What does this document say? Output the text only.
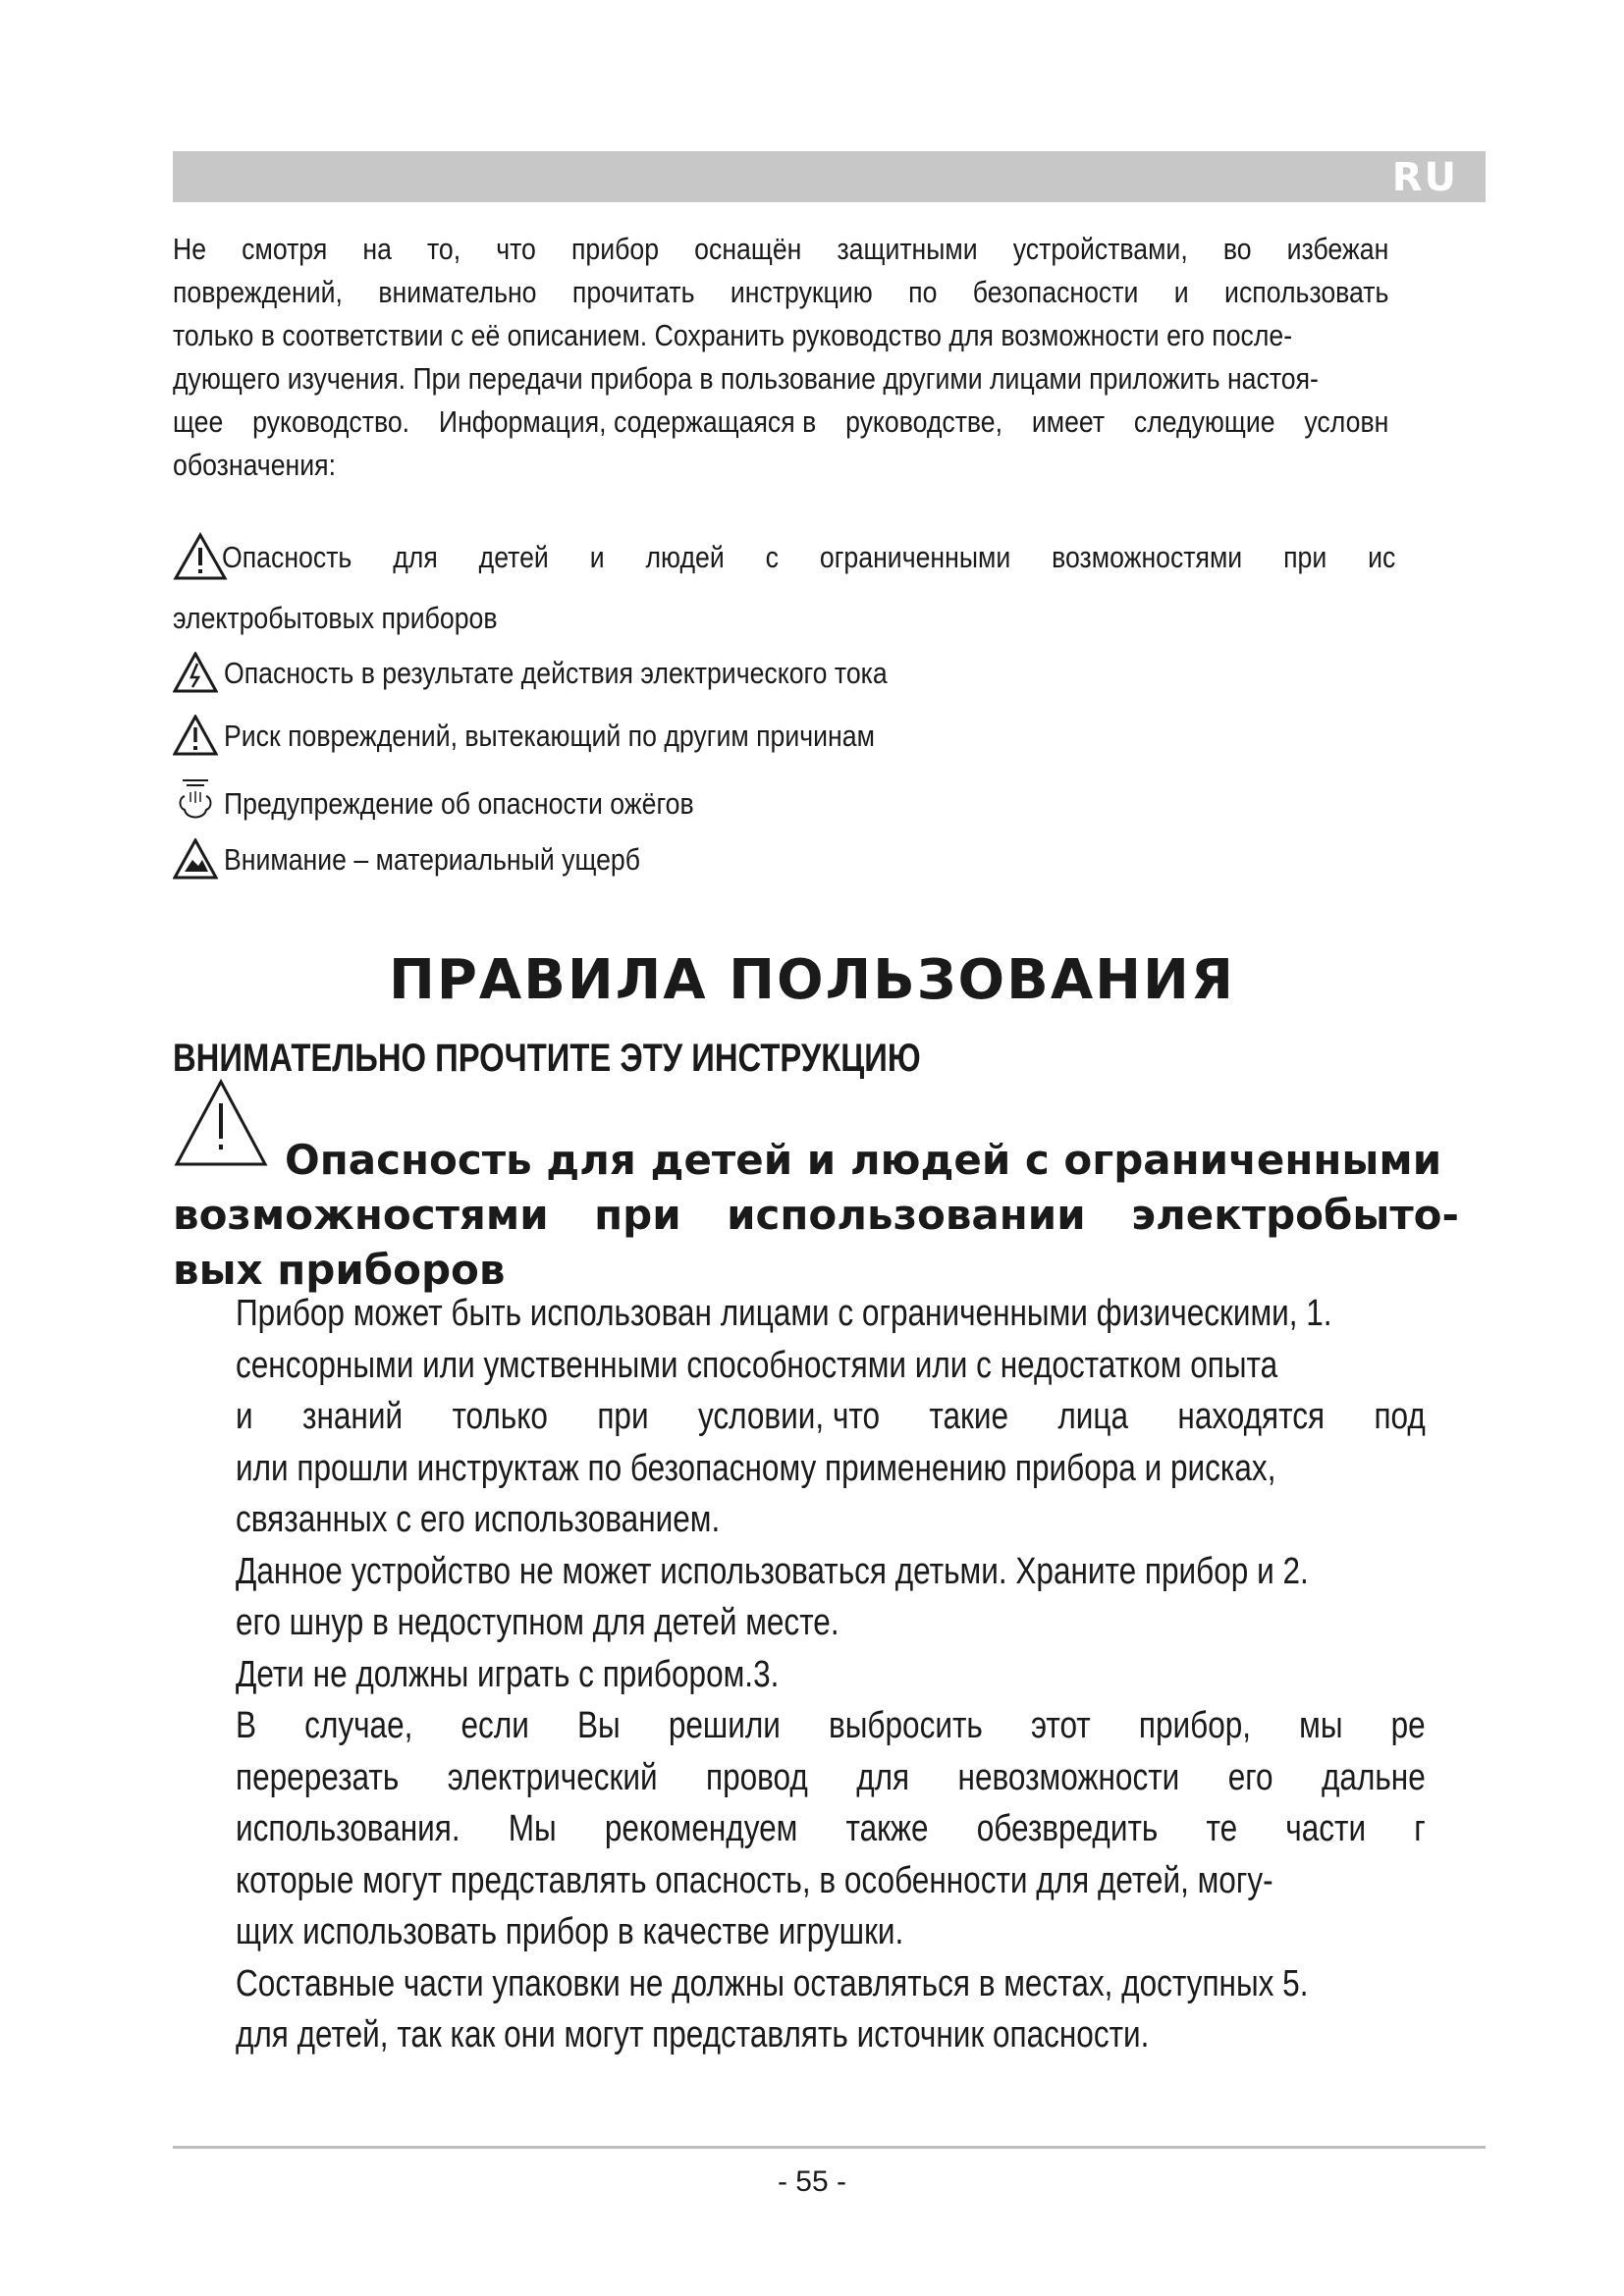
RU
Не смотря на то, что прибор оснащён защитными устройствами, во избежан
повреждений, внимательно прочитать инструкцию по безопасности и использовать
только в соответствии с её описанием. Сохранить руководство для возможности его после-
дующего изучения. При передачи прибора в пользование другими лицами приложить настоя-
щее руководство. Информация, содержащаяся в руководстве, имеет следующие условн
обозначения:
Опасность для детей и людей с ограниченными возможностями при ис
электробытовых приборов
Опасность в результате действия электрического тока
Риск повреждений, вытекающий по другим причинам
Предупреждение об опасности ожёгов
Внимание – материальный ущерб
ПРАВИЛА ПОЛЬЗОВАНИЯ
ВНИМАТЕЛЬНО ПРОЧТИТЕ ЭТУ ИНСТРУКЦИЮ
Опасность для детей и людей с ограниченными
возможностями при использовании электробыто-
вых приборов
Прибор может быть использован лицами с ограниченными физическими, 1.
сенсорными или умственными способностями или с недостатком опыта
и знаний только при условии, что такие лица находятся под
или прошли инструктаж по безопасному применению прибора и рисках,
связанных с его использованием.
Данное устройство не может использоваться детьми. Храните прибор и 2.
его шнур в недоступном для детей месте.
Дети не должны играть с прибором.3.
В случае, если Вы решили выбросить этот прибор, мы ре
перерезать электрический провод для невозможности его дальне
использования. Мы рекомендуем также обезвредить те части г
которые могут представлять опасность, в особенности для детей, могу-
щих использовать прибор в качестве игрушки.
Составные части упаковки не должны оставляться в местах, доступных 5.
для детей, так как они могут представлять источник опасности.
- 55 -
